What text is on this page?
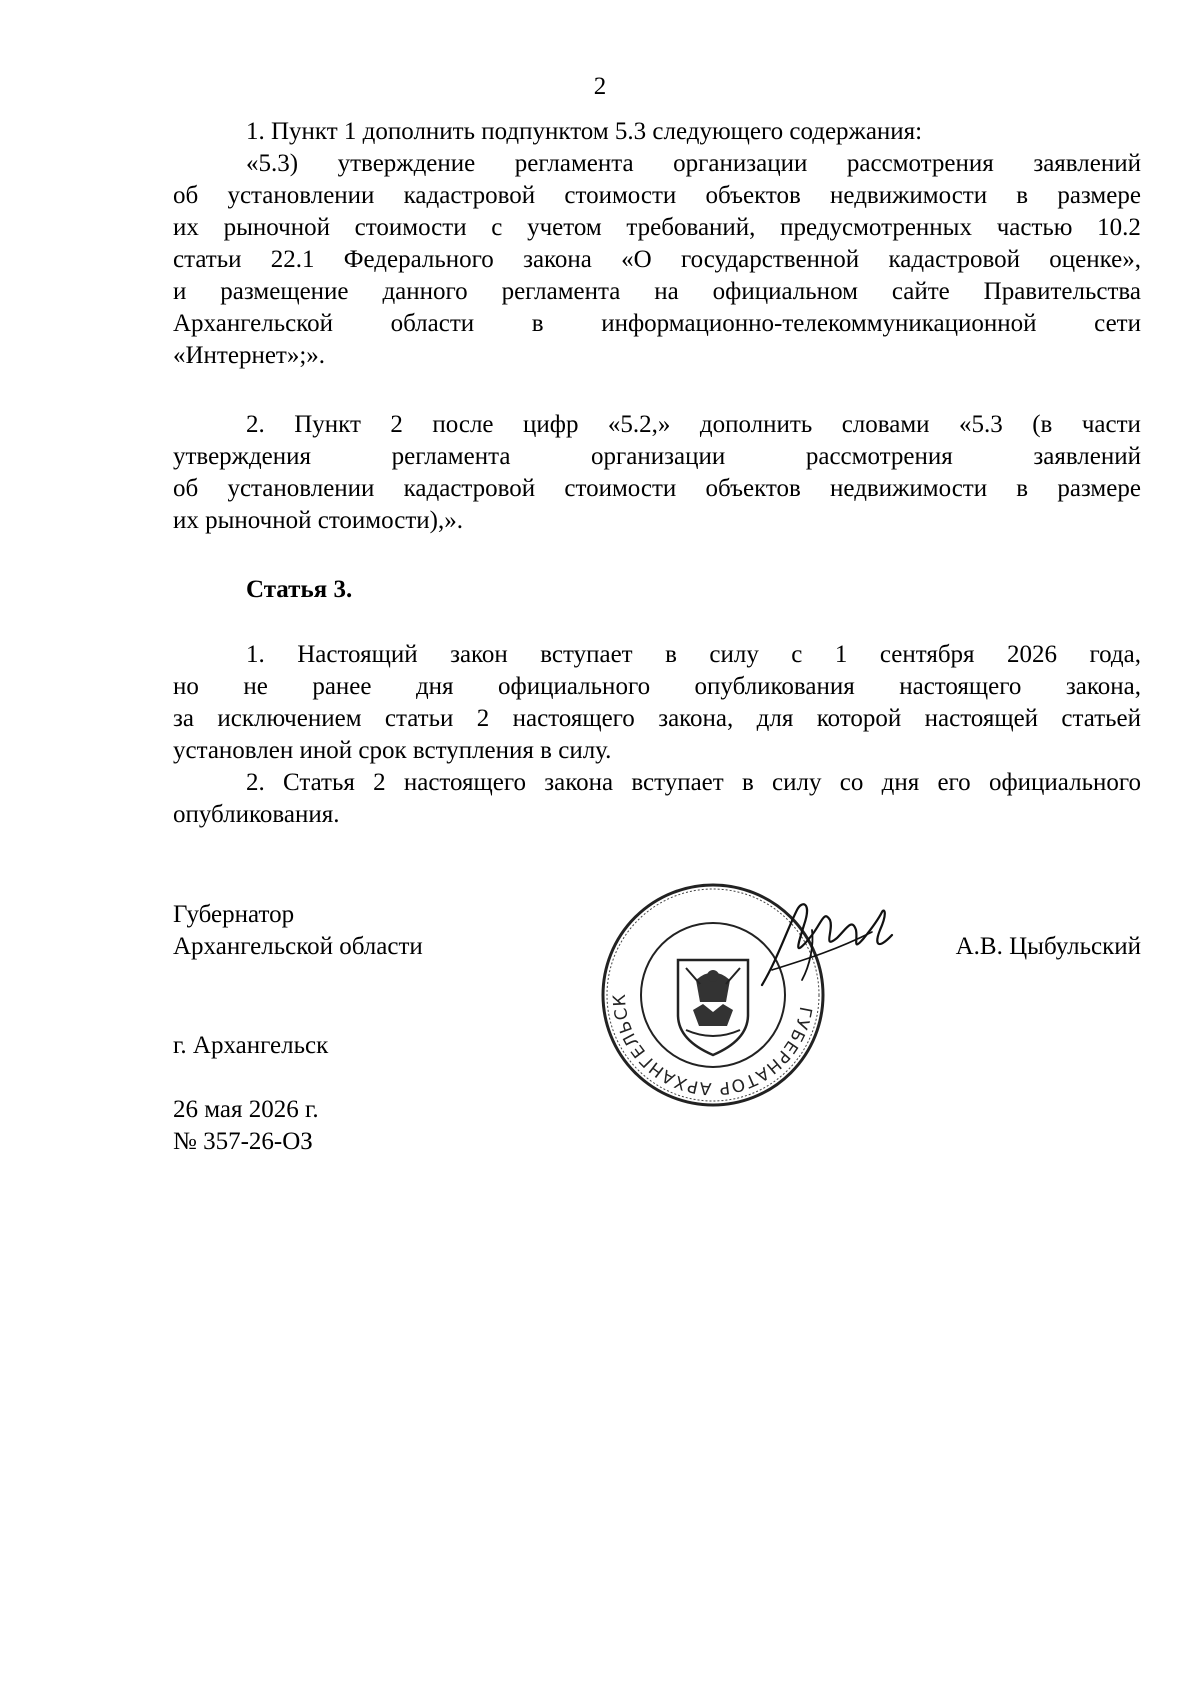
2
1. Пункт 1 дополнить подпунктом 5.3 следующего содержания:
«5.3) утверждение регламента организации рассмотрения заявлений
об установлении кадастровой стоимости объектов недвижимости в размере
их рыночной стоимости с учетом требований, предусмотренных частью 10.2
статьи 22.1 Федерального закона «О государственной кадастровой оценке»,
и размещение данного регламента на официальном сайте Правительства
Архангельской области в информационно-телекоммуникационной сети
«Интернет»;».
2. Пункт 2 после цифр «5.2,» дополнить словами «5.3 (в части
утверждения	регламента	организации	рассмотрения	заявлений
об установлении кадастровой стоимости объектов недвижимости в размере
их рыночной стоимости),».
Статья 3.
1. Настоящий закон вступает в силу с 1 сентября 2026 года,
но не ранее дня официального опубликования настоящего закона,
за исключением статьи 2 настоящего закона, для которой настоящей статьей
установлен иной срок вступления в силу.
2. Статья 2 настоящего закона вступает в силу со дня его официального
опубликования.
Губернатор
Архангельской области	А.В. Цыбульский
г. Архангельск
26 мая 2026 г.
№ 357-26-ОЗ
ГУБЕРНАТОР АРХАНГЕЛЬСК
